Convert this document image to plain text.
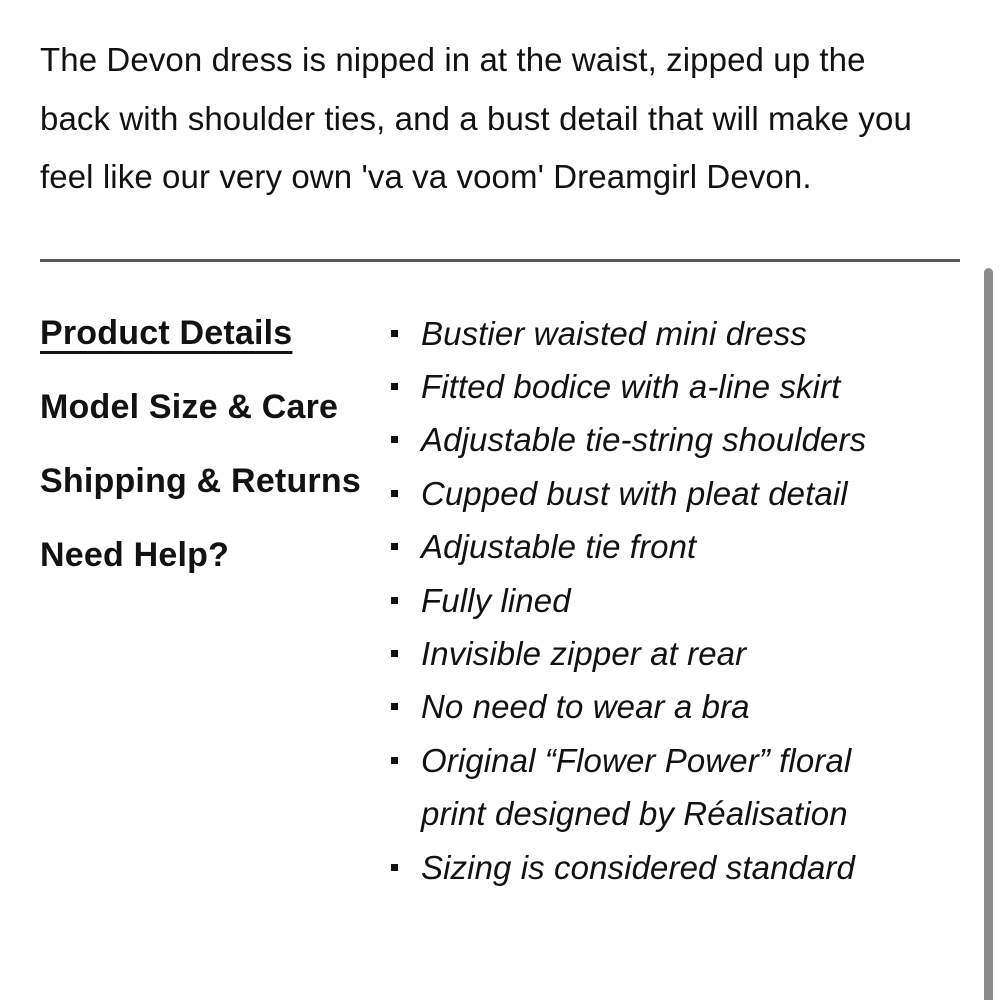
The Devon dress is nipped in at the waist, zipped up the
back with shoulder ties, and a bust detail that will make you
feel like our very own 'va va voom' Dreamgirl Devon.
Product Details
Model Size & Care
Shipping & Returns
Need Help?
Bustier waisted mini dress
Fitted bodice with a-line skirt
Adjustable tie-string shoulders
Cupped bust with pleat detail
Adjustable tie front
Fully lined
Invisible zipper at rear
No need to wear a bra
Original “Flower Power” floral print designed by Réalisation
Sizing is considered standard
